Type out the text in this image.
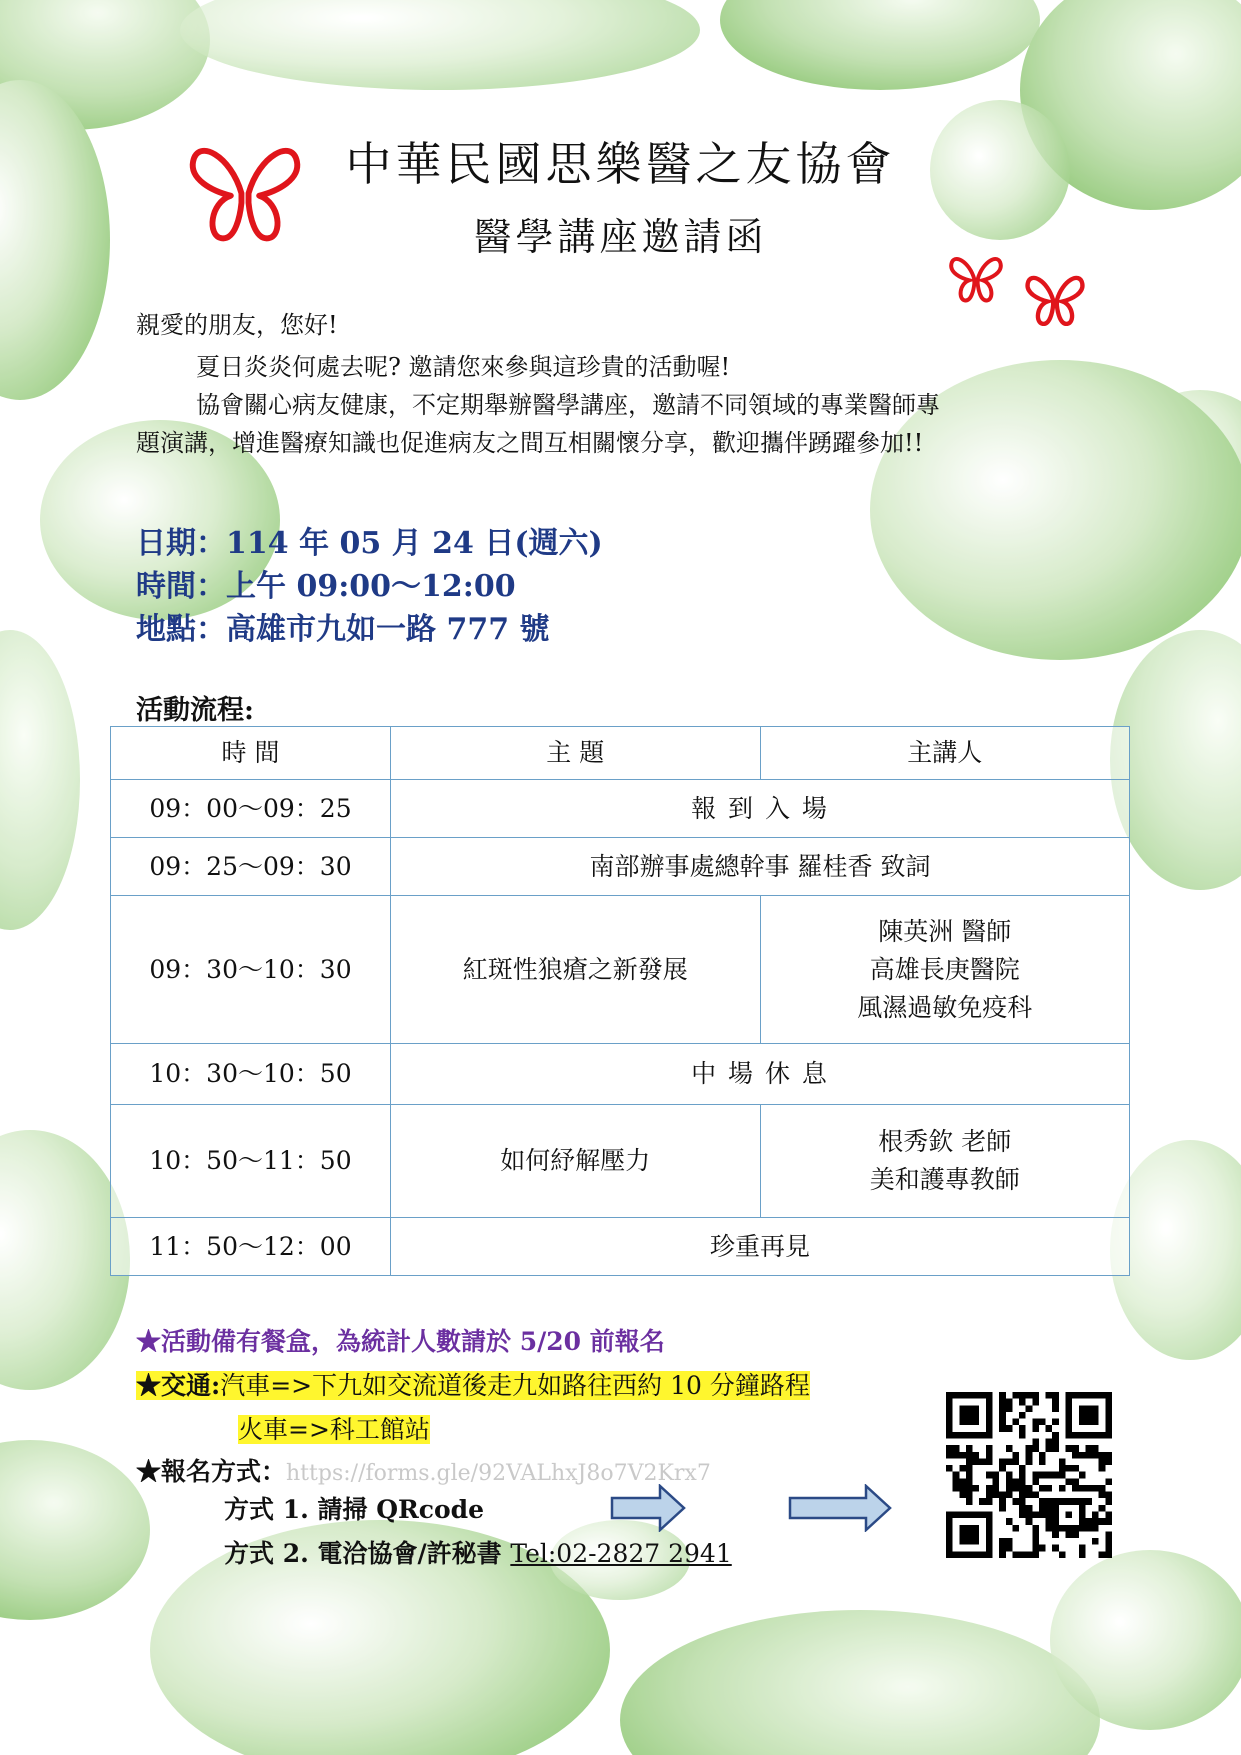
中華民國思樂醫之友協會
醫學講座邀請函
親愛的朋友，您好!
夏日炎炎何處去呢? 邀請您來參與這珍貴的活動喔!
協會關心病友健康，不定期舉辦醫學講座，邀請不同領域的專業醫師專
題演講，增進醫療知識也促進病友之間互相關懷分享，歡迎攜伴踴躍參加!!
日期：114 年 05 月 24 日(週六)
時間：上午 09:00～12:00
地點：高雄市九如一路 777 號
活動流程:
時 間	主 題	主講人
09：00～09：25	報 到 入 場	
09：25～09：30	南部辦事處總幹事 羅桂香 致詞	
09：30～10：30	紅斑性狼瘡之新發展	陳英洲 醫師
高雄長庚醫院
風濕過敏免疫科

10：30～10：50	中 場 休 息	
10：50～11：50	如何紓解壓力	根秀欽 老師
美和護專教師

11：50～12：00	珍重再見	
★活動備有餐盒，為統計人數請於 5/20 前報名
★交通:汽車=>下九如交流道後走九如路往西約 10 分鐘路程
火車=>科工館站
★報名方式：https://forms.gle/92VALhxJ8o7V2Krx7
方式 1. 請掃 QRcode
方式 2. 電洽協會/許秘書 Tel:02-2827 2941
